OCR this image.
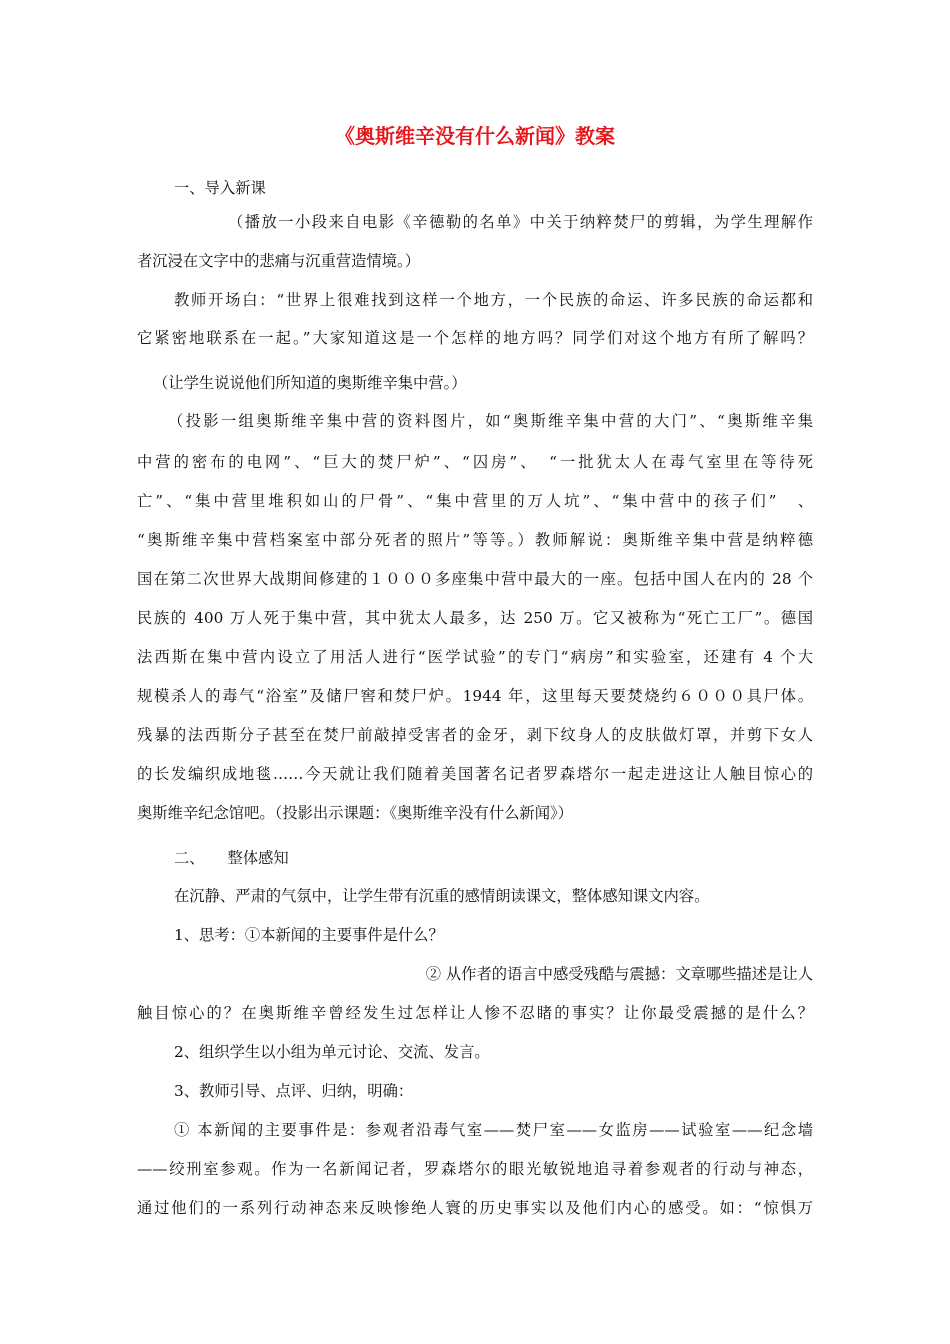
《奥斯维辛没有什么新闻》教案
一、导入新课
（播放一小段来自电影《辛德勒的名单》中关于纳粹焚尸的剪辑，为学生理解作
者沉浸在文字中的悲痛与沉重营造情境。）
教师开场白：“世界上很难找到这样一个地方，一个民族的命运、许多民族的命运都和
它紧密地联系在一起。”大家知道这是一个怎样的地方吗？同学们对这个地方有所了解吗？
（让学生说说他们所知道的奥斯维辛集中营。）
（投影一组奥斯维辛集中营的资料图片，如“奥斯维辛集中营的大门”、“奥斯维辛集
中营的密布的电网”、“巨大的焚尸炉”、“囚房”、　“一批犹太人在毒气室里在等待死
亡”、“集中营里堆积如山的尸骨”、“集中营里的万人坑”、“集中营中的孩子们”　、
“奥斯维辛集中营档案室中部分死者的照片”等等。）教师解说：奥斯维辛集中营是纳粹德
国在第二次世界大战期间修建的１０００多座集中营中最大的一座。包括中国人在内的 28 个
民族的 400 万人死于集中营，其中犹太人最多，达 250 万。它又被称为“死亡工厂”。德国
法西斯在集中营内设立了用活人进行“医学试验”的专门“病房”和实验室，还建有 4 个大
规模杀人的毒气“浴室”及储尸窖和焚尸炉。1944 年，这里每天要焚烧约６０００具尸体。
残暴的法西斯分子甚至在焚尸前敲掉受害者的金牙，剥下纹身人的皮肤做灯罩，并剪下女人
的长发编织成地毯……今天就让我们随着美国著名记者罗森塔尔一起走进这让人触目惊心的
奥斯维辛纪念馆吧。（投影出示课题：《奥斯维辛没有什么新闻》）
二、　　整体感知
在沉静、严肃的气氛中，让学生带有沉重的感情朗读课文，整体感知课文内容。
1、思考：①本新闻的主要事件是什么？
② 从作者的语言中感受残酷与震撼：文章哪些描述是让人
触目惊心的？在奥斯维辛曾经发生过怎样让人惨不忍睹的事实？让你最受震撼的是什么？
2、组织学生以小组为单元讨论、交流、发言。
3、教师引导、点评、归纳，明确：
① 本新闻的主要事件是：参观者沿毒气室——焚尸室——女监房——试验室——纪念墙
——绞刑室参观。作为一名新闻记者，罗森塔尔的眼光敏锐地追寻着参观者的行动与神态，
通过他们的一系列行动神态来反映惨绝人寰的历史事实以及他们内心的感受。如：“惊惧万
